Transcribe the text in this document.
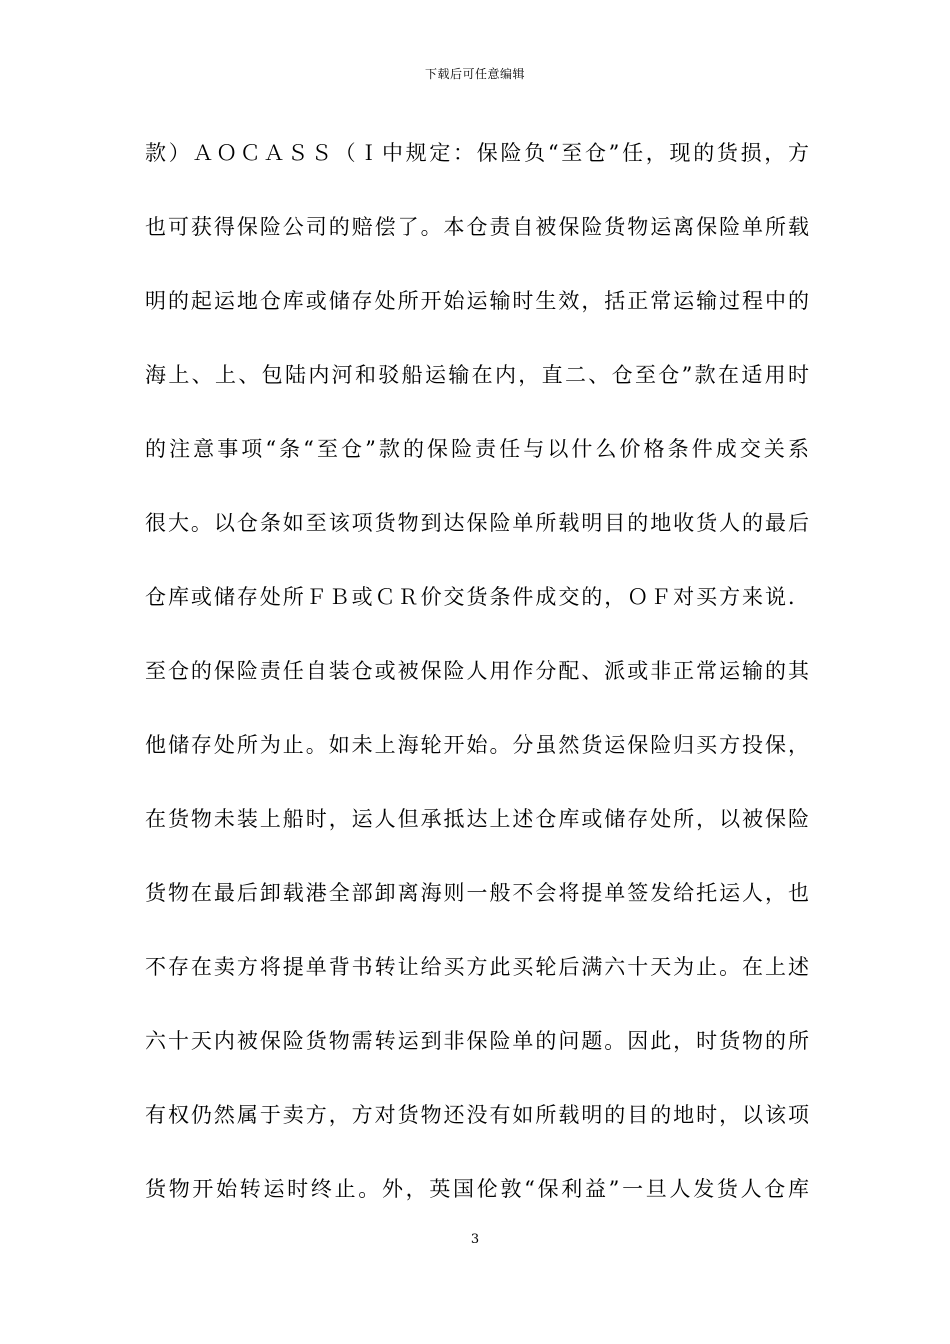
下载后可任意编辑
款）ＡＯＣＡＳＳ（Ｉ中规定：保险负“至仓”任，现的货损，方
也可获得保险公司的赔偿了。本仓责自被保险货物运离保险单所载
明的起运地仓库或储存处所开始运输时生效，括正常运输过程中的
海上、上、包陆内河和驳船运输在内，直二、仓至仓”款在适用时
的注意事项“条“至仓”款的保险责任与以什么价格条件成交关系
很大。以仓条如至该项货物到达保险单所载明目的地收货人的最后
仓库或储存处所ＦＢ或ＣＲ价交货条件成交的，ＯＦ对买方来说．
至仓的保险责任自装仓或被保险人用作分配、派或非正常运输的其
他储存处所为止。如未上海轮开始。分虽然货运保险归买方投保，
在货物未装上船时，运人但承抵达上述仓库或储存处所，以被保险
货物在最后卸载港全部卸离海则一般不会将提单签发给托运人，也
不存在卖方将提单背书转让给买方此买轮后满六十天为止。在上述
六十天内被保险货物需转运到非保险单的问题。因此，时货物的所
有权仍然属于卖方，方对货物还没有如所载明的目的地时，以该项
货物开始转运时终止。外，英国伦敦“保利益”一旦人发货人仓库
3
